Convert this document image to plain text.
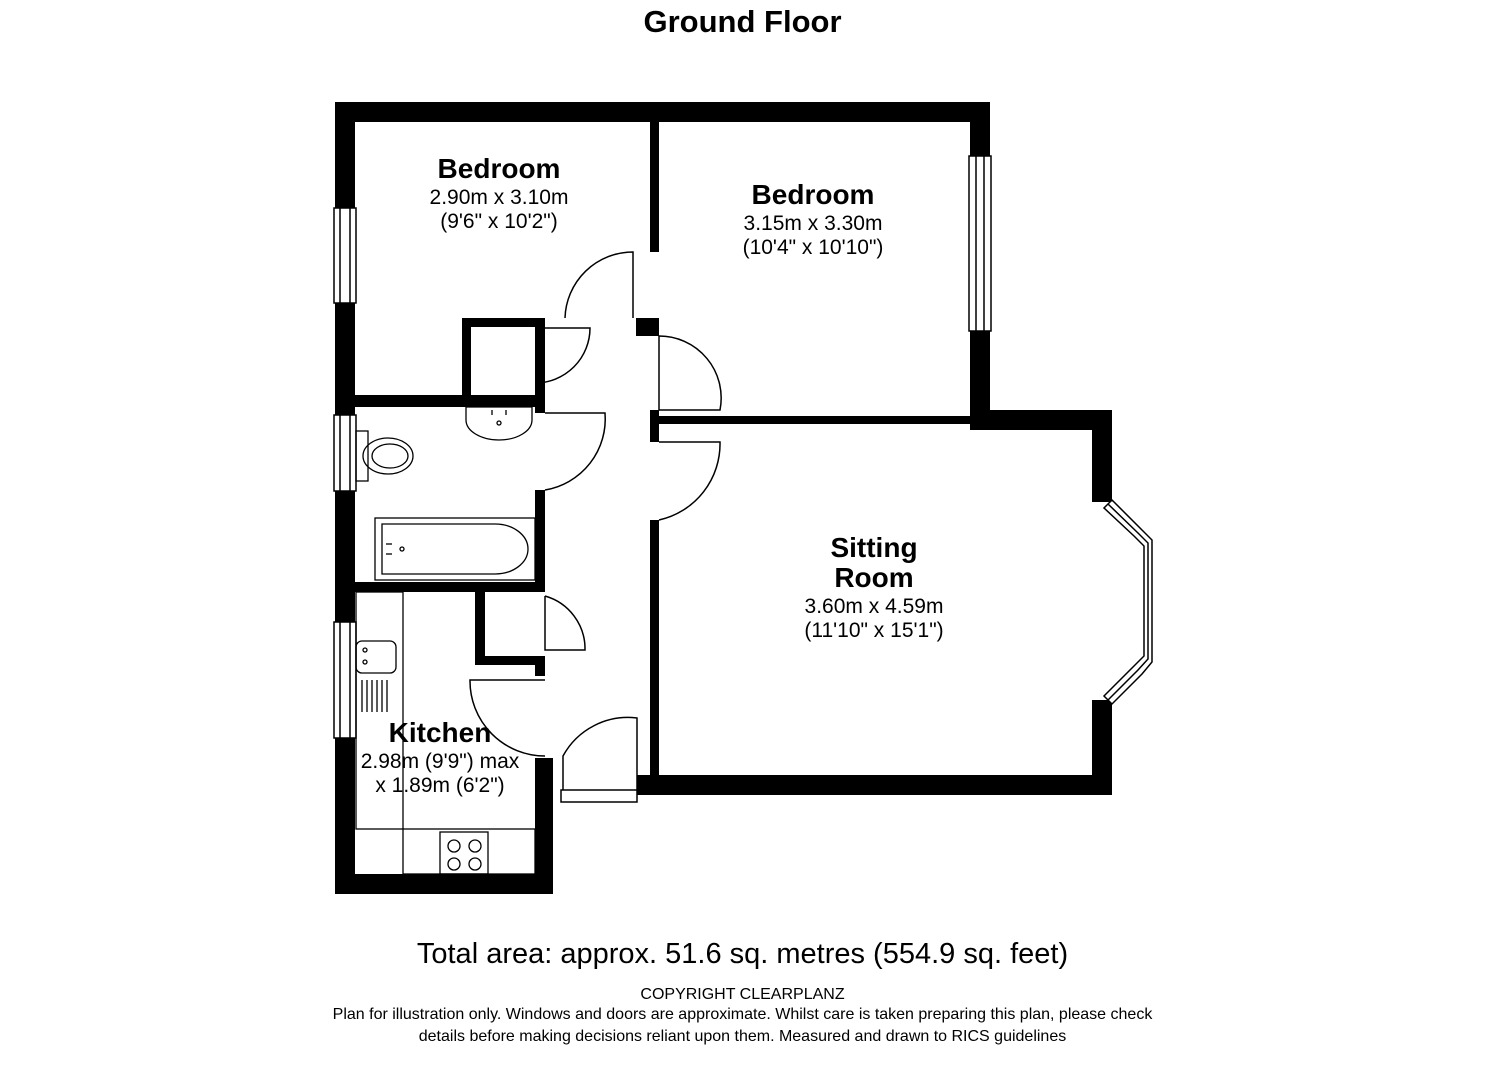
Ground Floor
Bedroom
2.90m x 3.10m
(9'6" x 10'2")
Bedroom
3.15m x 3.30m
(10'4" x 10'10")
Sitting
Room
3.60m x 4.59m
(11'10" x 15'1")
Kitchen
2.98m (9'9") max
x 1.89m (6'2")
Total area: approx. 51.6 sq. metres (554.9 sq. feet)
COPYRIGHT CLEARPLANZ
Plan for illustration only. Windows and doors are approximate. Whilst care is taken preparing this plan, please check
details before making decisions reliant upon them. Measured and drawn to RICS guidelines
